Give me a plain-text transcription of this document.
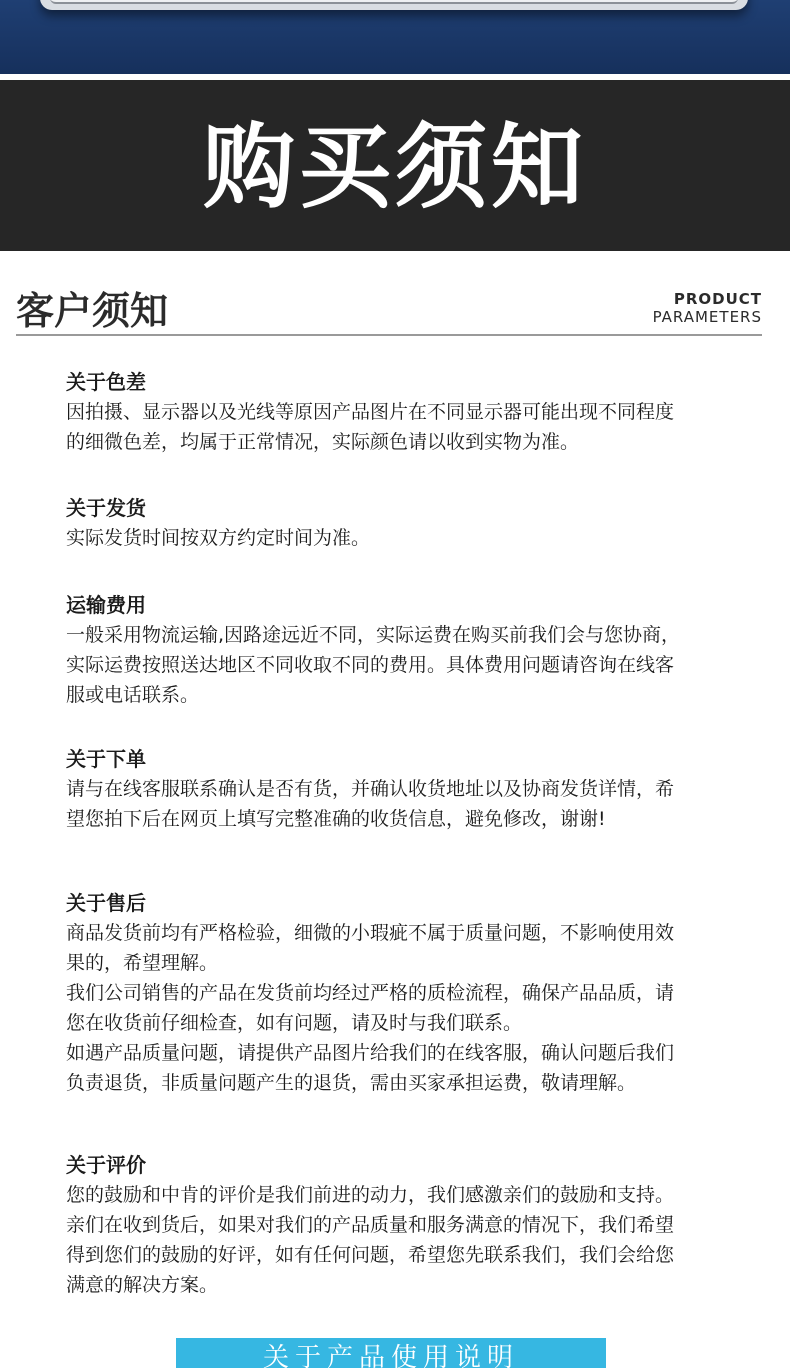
购买须知
客户须知	PRODUCT
PARAMETERS
关于色差
因拍摄、显示器以及光线等原因产品图片在不同显示器可能出现不同程度
的细微色差，均属于正常情况，实际颜色请以收到实物为准。
关于发货
实际发货时间按双方约定时间为准。
运输费用
一般采用物流运输,因路途远近不同，实际运费在购买前我们会与您协商，
实际运费按照送达地区不同收取不同的费用。具体费用问题请咨询在线客
服或电话联系。
关于下单
请与在线客服联系确认是否有货，并确认收货地址以及协商发货详情，希
望您拍下后在网页上填写完整准确的收货信息，避免修改，谢谢!
关于售后
商品发货前均有严格检验，细微的小瑕疵不属于质量问题，不影响使用效
果的，希望理解。
我们公司销售的产品在发货前均经过严格的质检流程，确保产品品质，请
您在收货前仔细检查，如有问题，请及时与我们联系。
如遇产品质量问题，请提供产品图片给我们的在线客服，确认问题后我们
负责退货，非质量问题产生的退货，需由买家承担运费，敬请理解。
关于评价
您的鼓励和中肯的评价是我们前进的动力，我们感激亲们的鼓励和支持。
亲们在收到货后，如果对我们的产品质量和服务满意的情况下，我们希望
得到您们的鼓励的好评，如有任何问题，希望您先联系我们，我们会给您
满意的解决方案。
关于产品使用说明
